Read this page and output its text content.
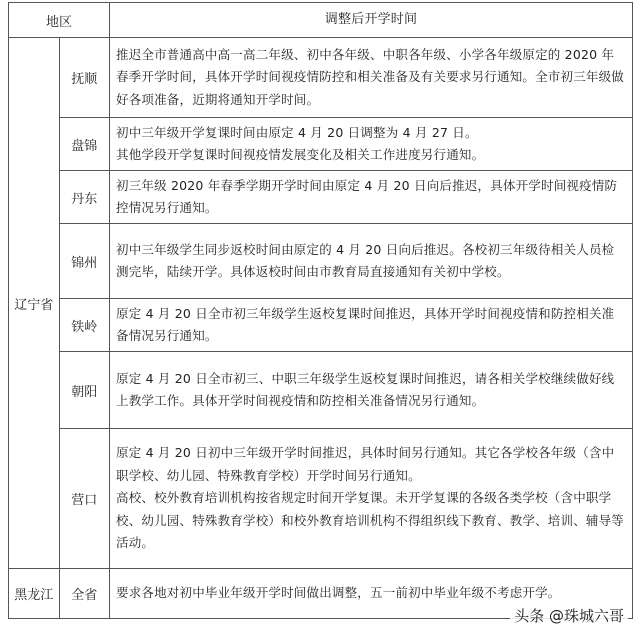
地区		调整后开学时间
辽宁省	抚顺	推迟全市普通高中高一高二年级、初中各年级、中职各年级、小学各年级原定的 2020 年春季开学时间，具体开学时间视疫情防控和相关准备及有关要求另行通知。全市初三年级做好各项准备，近期将通知开学时间。
	盘锦	初中三年级开学复课时间由原定 4 月 20 日调整为 4 月 27 日。
其他学段开学复课时间视疫情发展变化及相关工作进度另行通知。
	丹东	初三年级 2020 年春季学期开学时间由原定 4 月 20 日向后推迟，具体开学时间视疫情防控情况另行通知。
	锦州	初中三年级学生同步返校时间由原定的 4 月 20 日向后推迟。各校初三年级待相关人员检测完毕，陆续开学。具体返校时间由市教育局直接通知有关初中学校。
	铁岭	原定 4 月 20 日全市初三年级学生返校复课时间推迟，具体开学时间视疫情和防控相关准备情况另行通知。
	朝阳	原定 4 月 20 日全市初三、中职三年级学生返校复课时间推迟，请各相关学校继续做好线上教学工作。具体开学时间视疫情和防控相关准备情况另行通知。
	营口	原定 4 月 20 日初中三年级开学时间推迟，具体时间另行通知。其它各学校各年级（含中职学校、幼儿园、特殊教育学校）开学时间另行通知。
高校、校外教育培训机构按省规定时间开学复课。未开学复课的各级各类学校（含中职学校、幼儿园、特殊教育学校）和校外教育培训机构不得组织线下教育、教学、培训、辅导等活动。
黑龙江	全省	要求各地对初中毕业年级开学时间做出调整，五一前初中毕业年级不考虑开学。
头条 @珠城六哥
